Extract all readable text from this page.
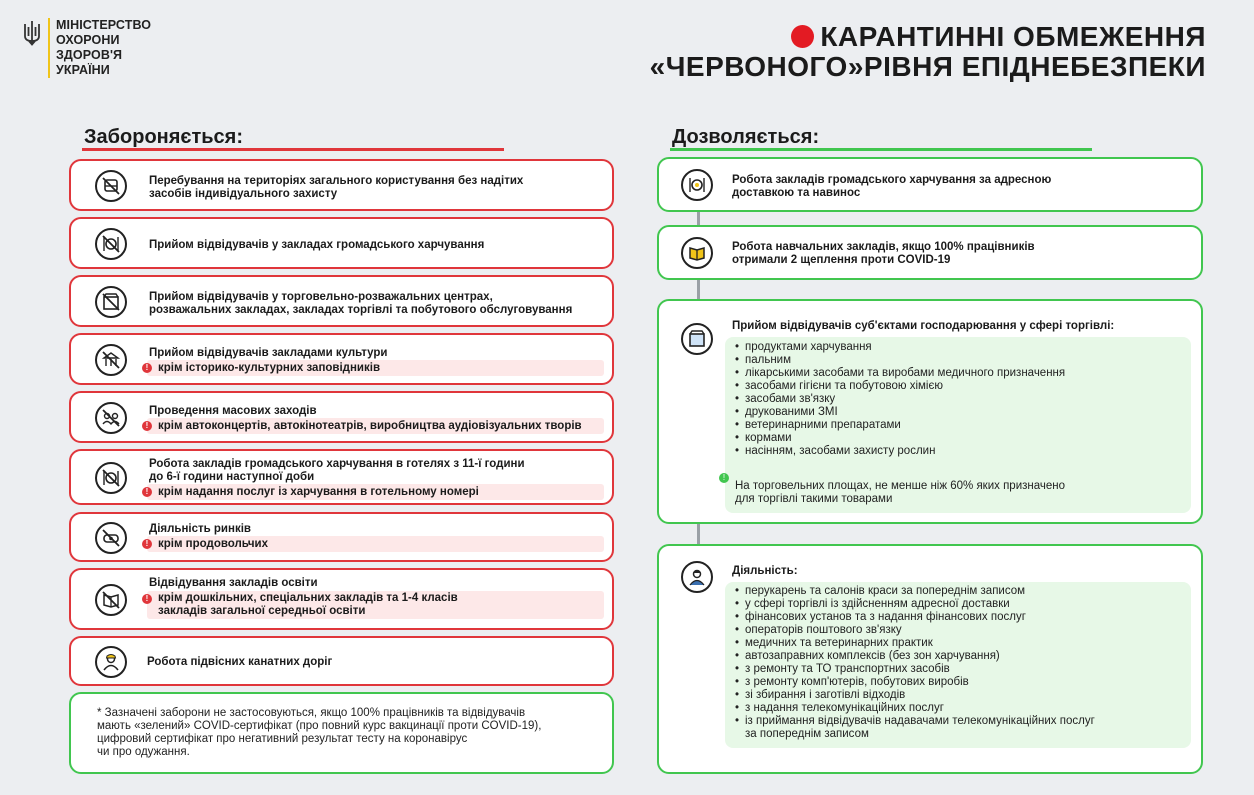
МІНІСТЕРСТВО
ОХОРОНИ
ЗДОРОВ'Я
УКРАЇНИ
КАРАНТИННІ ОБМЕЖЕННЯ
«ЧЕРВОНОГО»РІВНЯ ЕПІДНЕБЕЗПЕКИ
Забороняється:	Дозволяється:
Перебування на територіях загального користування без надітих
засобів індивідуального захисту
Прийом відвідувачів у закладах громадського харчування
Прийом відвідувачів у торговельно-розважальних центрах,
розважальних закладах, закладах торгівлі та побутового обслуговування
Прийом відвідувачів закладами культури
! крім історико-культурних заповідників
Проведення масових заходів
! крім автоконцертів, автокінотеатрів, виробництва аудіовізуальних творів
Робота закладів громадського харчування в готелях з 11-ї години
до 6-ї години наступної доби
! крім надання послуг із харчування в готельному номері
Діяльність ринків
! крім продовольчих
Відвідування закладів освіти
! крім дошкільних, спеціальних закладів та 1-4 класів
закладів загальної середньої освіти
Робота підвісних канатних доріг
* Зазначені заборони не застосовуються, якщо 100% працівників та відвідувачів
мають «зелений» COVID-сертифікат (про повний курс вакцинації проти COVID-19),
цифровий сертифікат про негативний результат тесту на коронавірус
чи про одужання.
Робота закладів громадського харчування за адресною
доставкою та навинос
Робота навчальних закладів, якщо 100% працівників
отримали 2 щеплення проти COVID-19
Прийом відвідувачів суб'єктами господарювання у сфері торгівлі:
• продуктами харчування
• пальним
• лікарськими засобами та виробами медичного призначення
• засобами гігієни та побутовою хімією
• засобами зв'язку
• друкованими ЗМІ
• ветеринарними препаратами
• кормами
• насінням, засобами захисту рослин
!
На торговельних площах, не менше ніж 60% яких призначено
для торгівлі такими товарами
Діяльність:
• перукарень та салонів краси за попереднім записом
• у сфері торгівлі із здійсненням адресної доставки
• фінансових установ та з надання фінансових послуг
• операторів поштового зв'язку
• медичних та ветеринарних практик
• автозаправних комплексів (без зон харчування)
• з ремонту та ТО транспортних засобів
• з ремонту комп'ютерів, побутових виробів
• зі збирання і заготівлі відходів
• з надання телекомунікаційних послуг
• із приймання відвідувачів надавачами телекомунікаційних послуг за попереднім записом
